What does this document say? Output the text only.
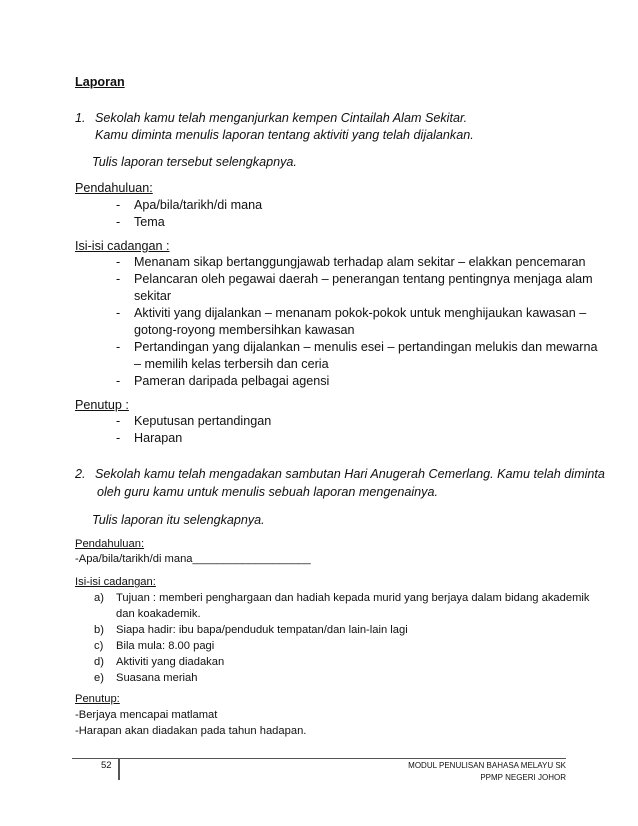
Laporan
1. Sekolah kamu telah menganjurkan kempen Cintailah Alam Sekitar.
Kamu diminta menulis laporan tentang aktiviti yang telah dijalankan.
Tulis laporan tersebut selengkapnya.
Pendahuluan:
- Apa/bila/tarikh/di mana
- Tema
Isi-isi cadangan :
- Menanam sikap bertanggungjawab terhadap alam sekitar – elakkan pencemaran
- Pelancaran oleh pegawai daerah – penerangan tentang pentingnya menjaga alam
sekitar
- Aktiviti yang dijalankan – menanam pokok-pokok untuk menghijaukan kawasan –
gotong-royong membersihkan kawasan
- Pertandingan yang dijalankan – menulis esei – pertandingan melukis dan mewarna
– memilih kelas terbersih dan ceria
- Pameran daripada pelbagai agensi
Penutup :
- Keputusan pertandingan
- Harapan
2. Sekolah kamu telah mengadakan sambutan Hari Anugerah Cemerlang. Kamu telah diminta
oleh guru kamu untuk menulis sebuah laporan mengenainya.
Tulis laporan itu selengkapnya.
Pendahuluan:
-Apa/bila/tarikh/di mana___________________
Isi-isi cadangan:
a) Tujuan : memberi penghargaan dan hadiah kepada murid yang berjaya dalam bidang akademik
dan koakademik.
b) Siapa hadir: ibu bapa/penduduk tempatan/dan lain-lain lagi
c) Bila mula: 8.00 pagi
d) Aktiviti yang diadakan
e) Suasana meriah
Penutup:
-Berjaya mencapai matlamat
-Harapan akan diadakan pada tahun hadapan.
52	MODUL PENULISAN BAHASA MELAYU SK
PPMP NEGERI JOHOR
